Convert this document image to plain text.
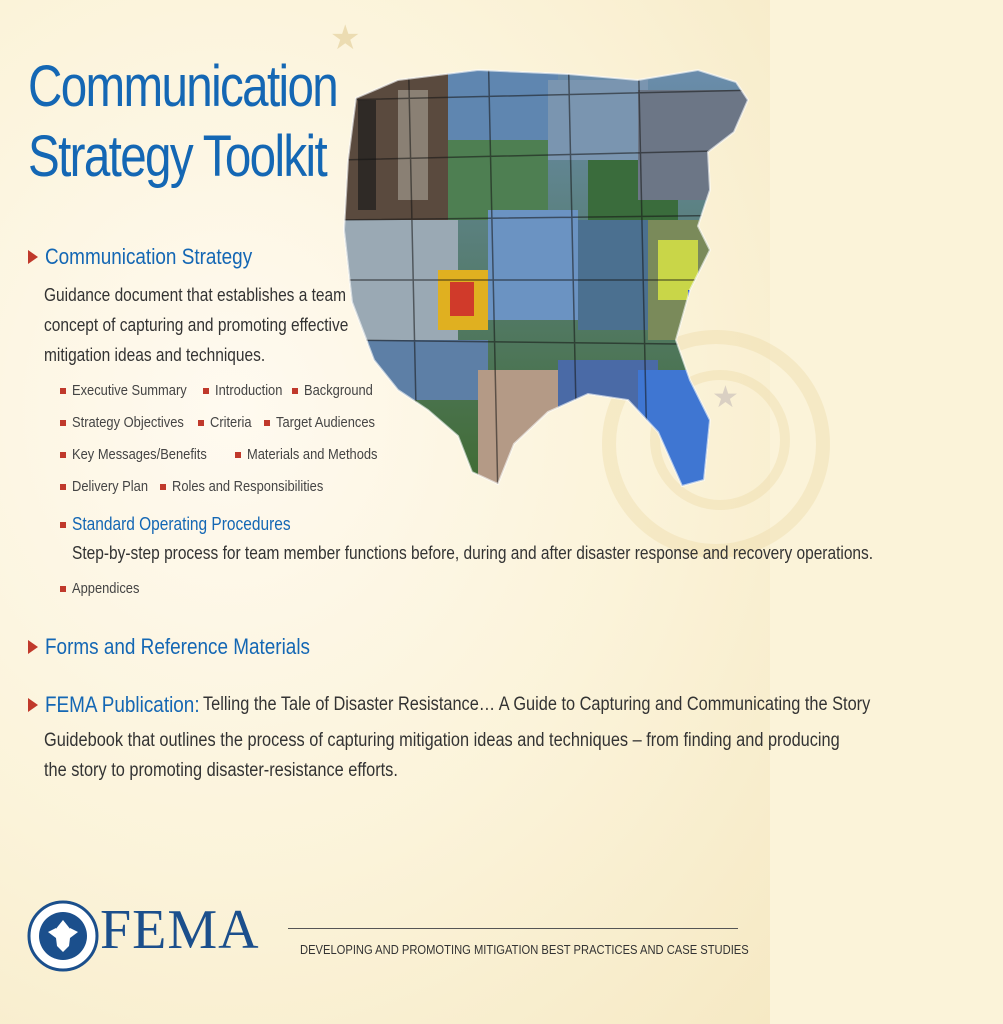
★
★
Communication
Strategy Toolkit
Communication Strategy
Guidance document that establishes a team
concept of capturing and promoting effective
mitigation ideas and techniques.
Executive Summary Introduction Background
Strategy Objectives Criteria Target Audiences
Key Messages/Benefits	Materials and Methods
Delivery Plan Roles and Responsibilities
Standard Operating Procedures
Step-by-step process for team member functions before, during and after disaster response and recovery operations.
Appendices
Forms and Reference Materials
FEMA Publication: Telling the Tale of Disaster Resistance… A Guide to Capturing and Communicating the Story
Guidebook that outlines the process of capturing mitigation ideas and techniques – from finding and producing
the story to promoting disaster-resistance efforts.
FEMA	DEVELOPING AND PROMOTING MITIGATION BEST PRACTICES AND CASE STUDIES
